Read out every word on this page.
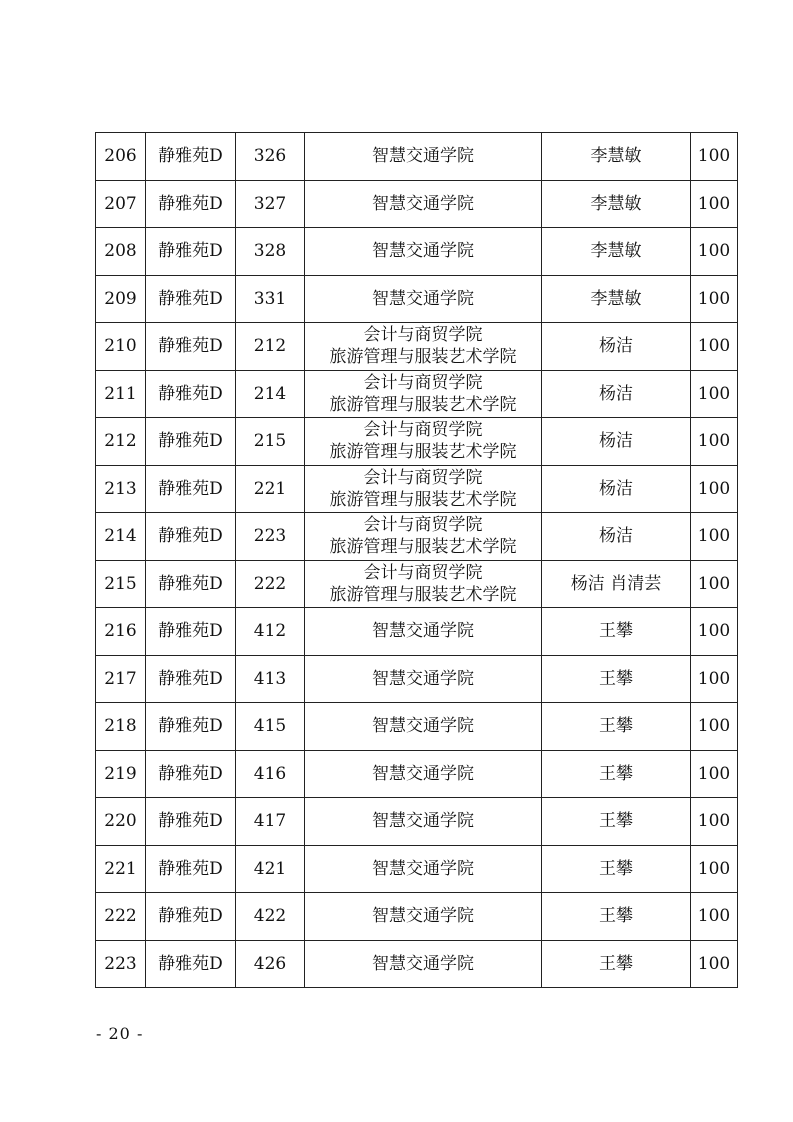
206	静雅苑D	326	智慧交通学院	李慧敏	100
207	静雅苑D	327	智慧交通学院	李慧敏	100
208	静雅苑D	328	智慧交通学院	李慧敏	100
209	静雅苑D	331	智慧交通学院	李慧敏	100
210	静雅苑D	212	会计与商贸学院
旅游管理与服装艺术学院	杨洁	100
211	静雅苑D	214	会计与商贸学院
旅游管理与服装艺术学院	杨洁	100
212	静雅苑D	215	会计与商贸学院
旅游管理与服装艺术学院	杨洁	100
213	静雅苑D	221	会计与商贸学院
旅游管理与服装艺术学院	杨洁	100
214	静雅苑D	223	会计与商贸学院
旅游管理与服装艺术学院	杨洁	100
215	静雅苑D	222	会计与商贸学院
旅游管理与服装艺术学院	杨洁 肖清芸	100
216	静雅苑D	412	智慧交通学院	王攀	100
217	静雅苑D	413	智慧交通学院	王攀	100
218	静雅苑D	415	智慧交通学院	王攀	100
219	静雅苑D	416	智慧交通学院	王攀	100
220	静雅苑D	417	智慧交通学院	王攀	100
221	静雅苑D	421	智慧交通学院	王攀	100
222	静雅苑D	422	智慧交通学院	王攀	100
223	静雅苑D	426	智慧交通学院	王攀	100
- 20 -
